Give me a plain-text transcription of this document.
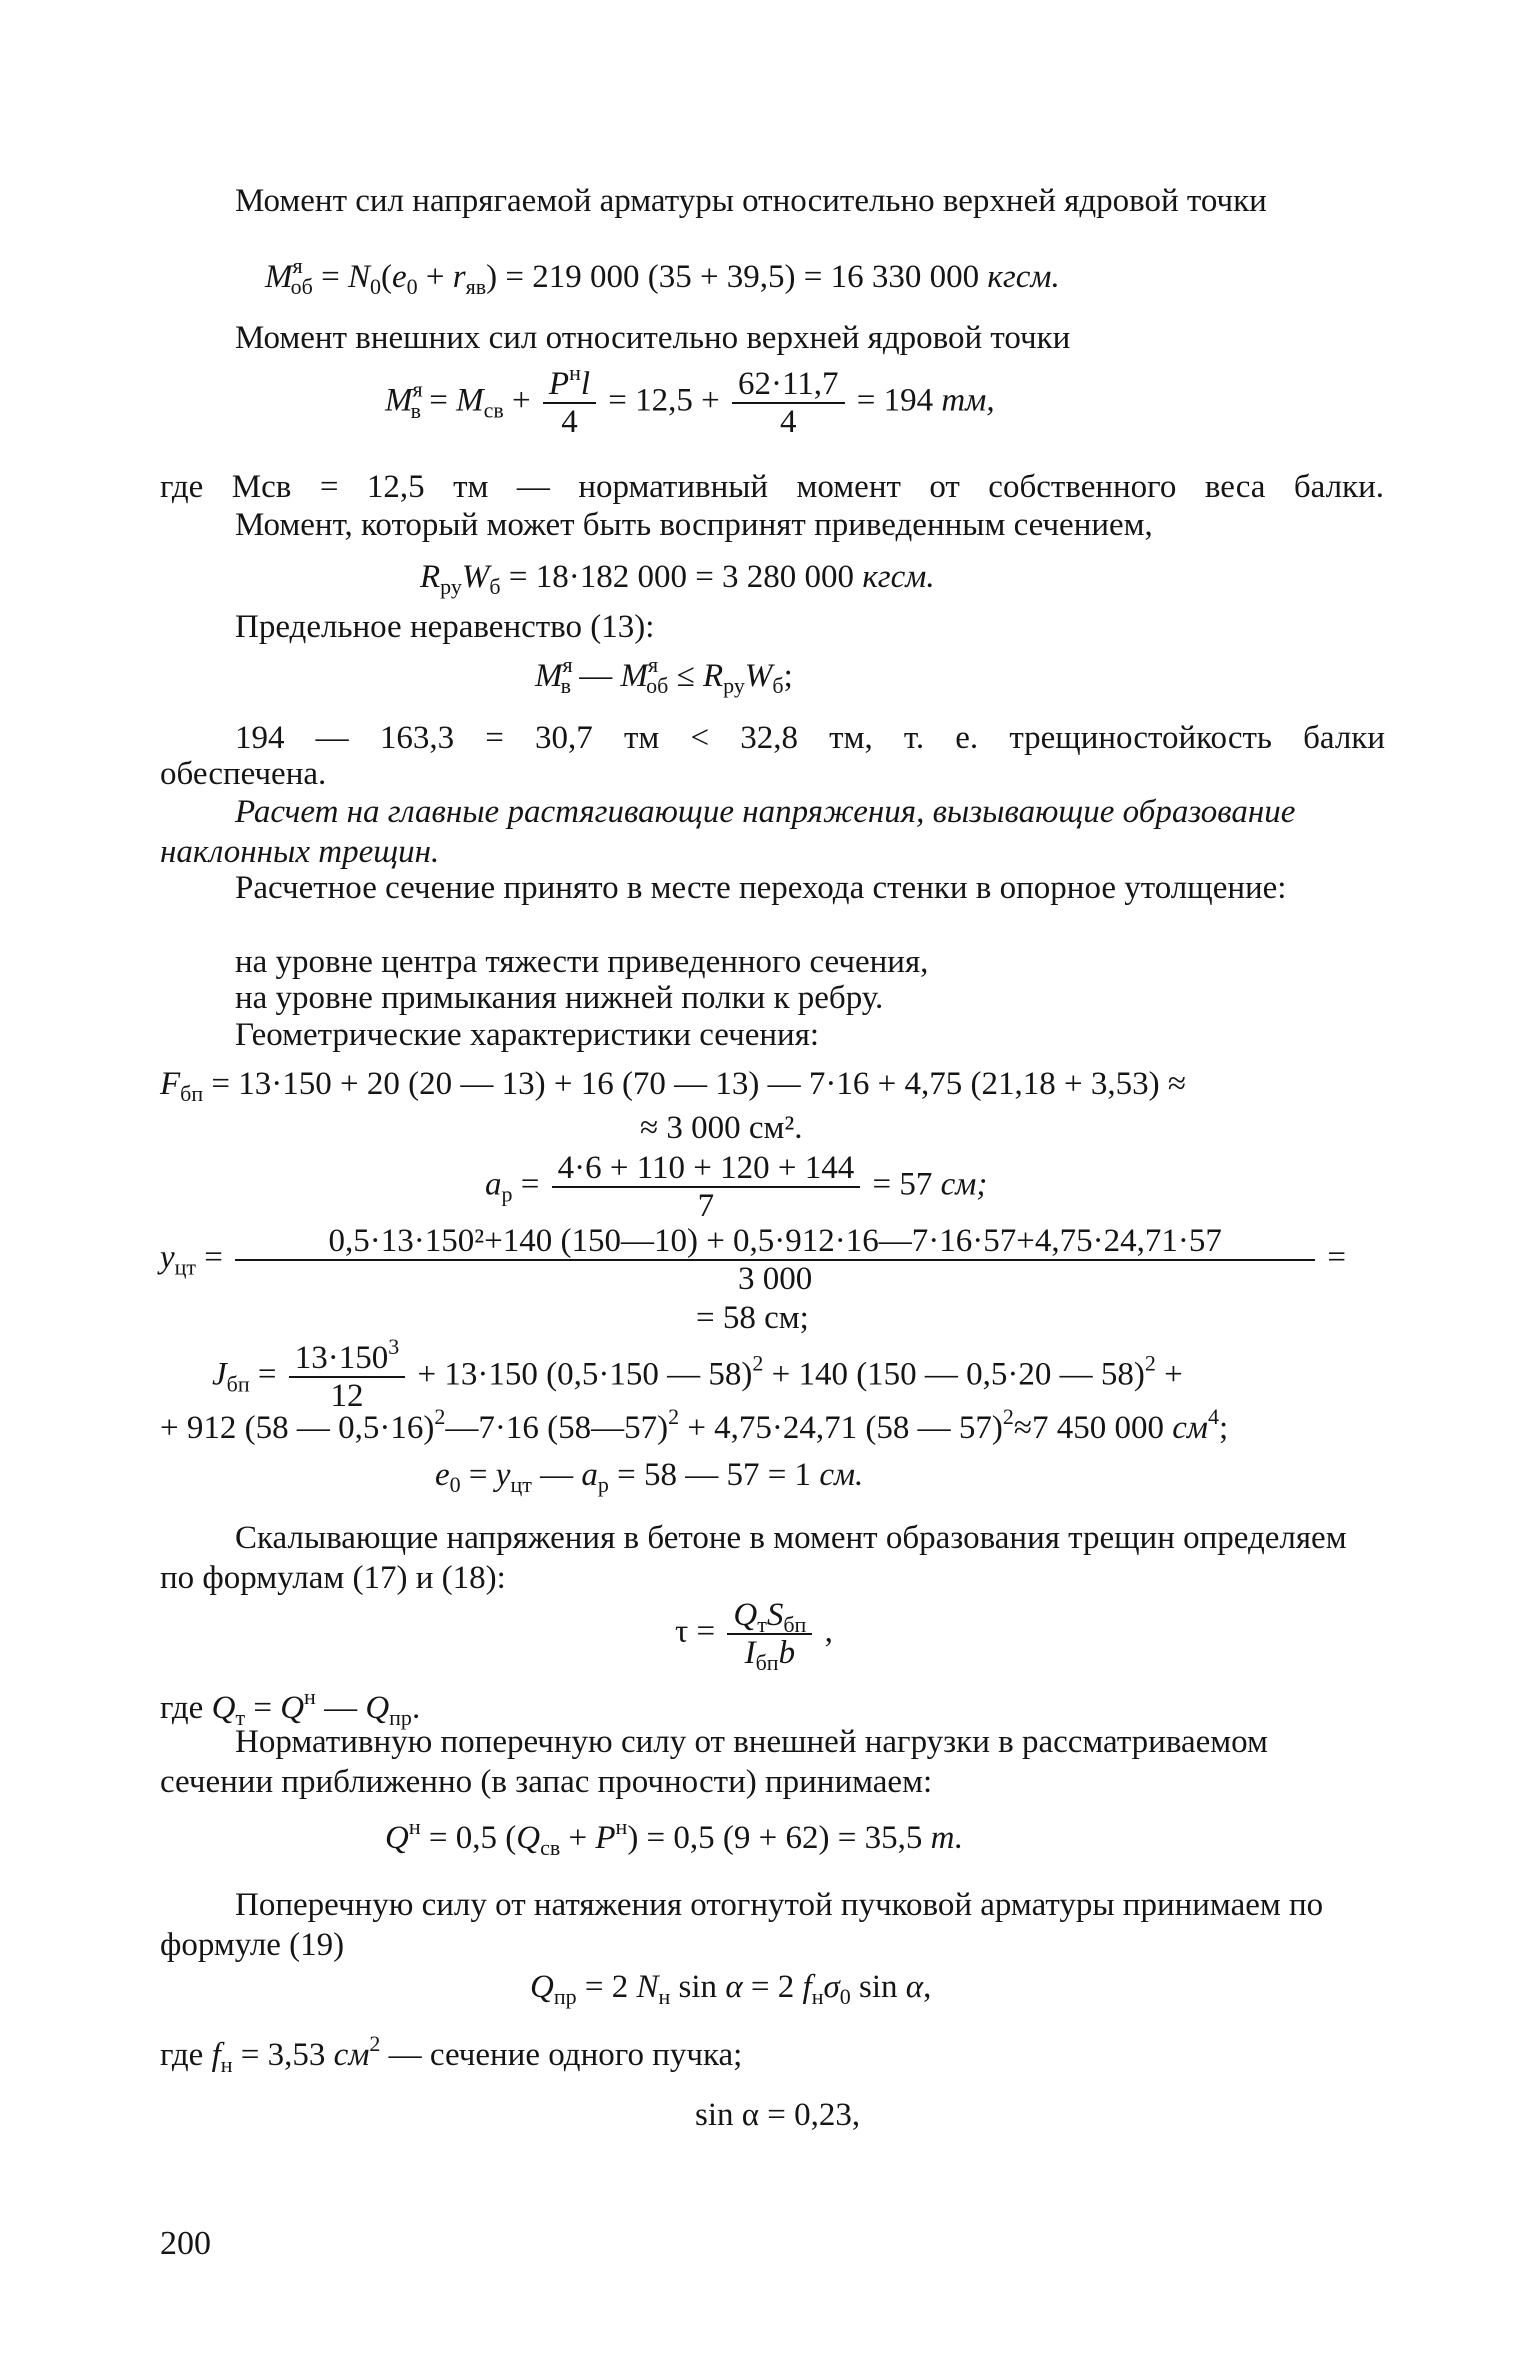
Момент сил напрягаемой арматуры относительно верхней ядровой точки

$M^я_{об} = N_0(e_0 + r_{яв}) = 219$ 000 (35 + 39,5) = 16 330 000 кгсм.

Момент внешних сил относительно верхней ядровой точки

$M^я_в = M_{св} + \frac{P^нl}{4} = 12,5 + \frac{62\cdot 11,7}{4} = 194$ тм,

где Mсв = 12,5 тм — нормативный момент от собственного веса балки.

Момент, который может быть воспринят приведенным сечением,

$R_{ру}W_б = 18\cdot 182$ 000 = 3 280 000 кгсм.

Предельное неравенство (13):

$M^я_в$ — $M^я_{об} \le R_{ру}W_б$;

194 — 163,3 = 30,7 тм < 32,8 тм, т. е. трещиностойкость балки

обеспечена.

Расчет на главные растягивающие напряжения, вызывающие образование наклонных трещин.

Расчетное сечение принято в месте перехода стенки в опорное утолщение:

на уровне центра тяжести приведенного сечения,

на уровне примыкания нижней полки к ребру.

Геометрические характеристики сечения:

$F_{бп} = 13\cdot 150 + 20$ (20 — 13) + 16 (70 — 13) — 7·16 + 4,75 (21,18 + 3,53) ≈
≈ 3 000 см².
$a_р = \frac{4\cdot 6 + 110 + 120 + 144}{7} = 57$ см;
$y_{цт} = \frac{\text{0,5·13·150²+140 (150—10) + 0,5·912·16—7·16·57+4,75·24,71·57}}{3 000}$ =
= 58 см;
$J_{бп} = \frac{13\cdot 150^3}{12} + 13\cdot 150$ (0,5·150 — 58)$^2$ + 140 (150 — 0,5·20 — 58)$^2$ +
+ 912 (58 — 0,5·16)$^2$—7·16 (58—57)$^2$ + 4,75·24,71 (58 — 57)$^2$≈7 450 000 $см^4$;
$e_0 = y_{цт}$ — $a_р = 58$ — 57 = 1 см.

Скалывающие напряжения в бетоне в момент образования трещин определяем по формулам (17) и (18):

$\tau = \frac{Q_тS_{бп}}{I_{бп}b}$ ,
где $Q_т = Q^н$ — $Q_{пр}$.

Нормативную поперечную силу от внешней нагрузки в рассматриваемом сечении приближенно (в запас прочности) принимаем:

$Q^н = 0,5$ $(Q_{св} + P^н) = 0,5$ (9 + 62) = 35,5 т.

Поперечную силу от натяжения отогнутой пучковой арматуры принимаем по формуле (19)

$Q_{пр} = 2$ $N_н$ sin α = 2 $f_н\sigma_0$ sin α,
где $f_н = 3,53$ $см^2$ — сечение одного пучка;
sin α = 0,23,
200
